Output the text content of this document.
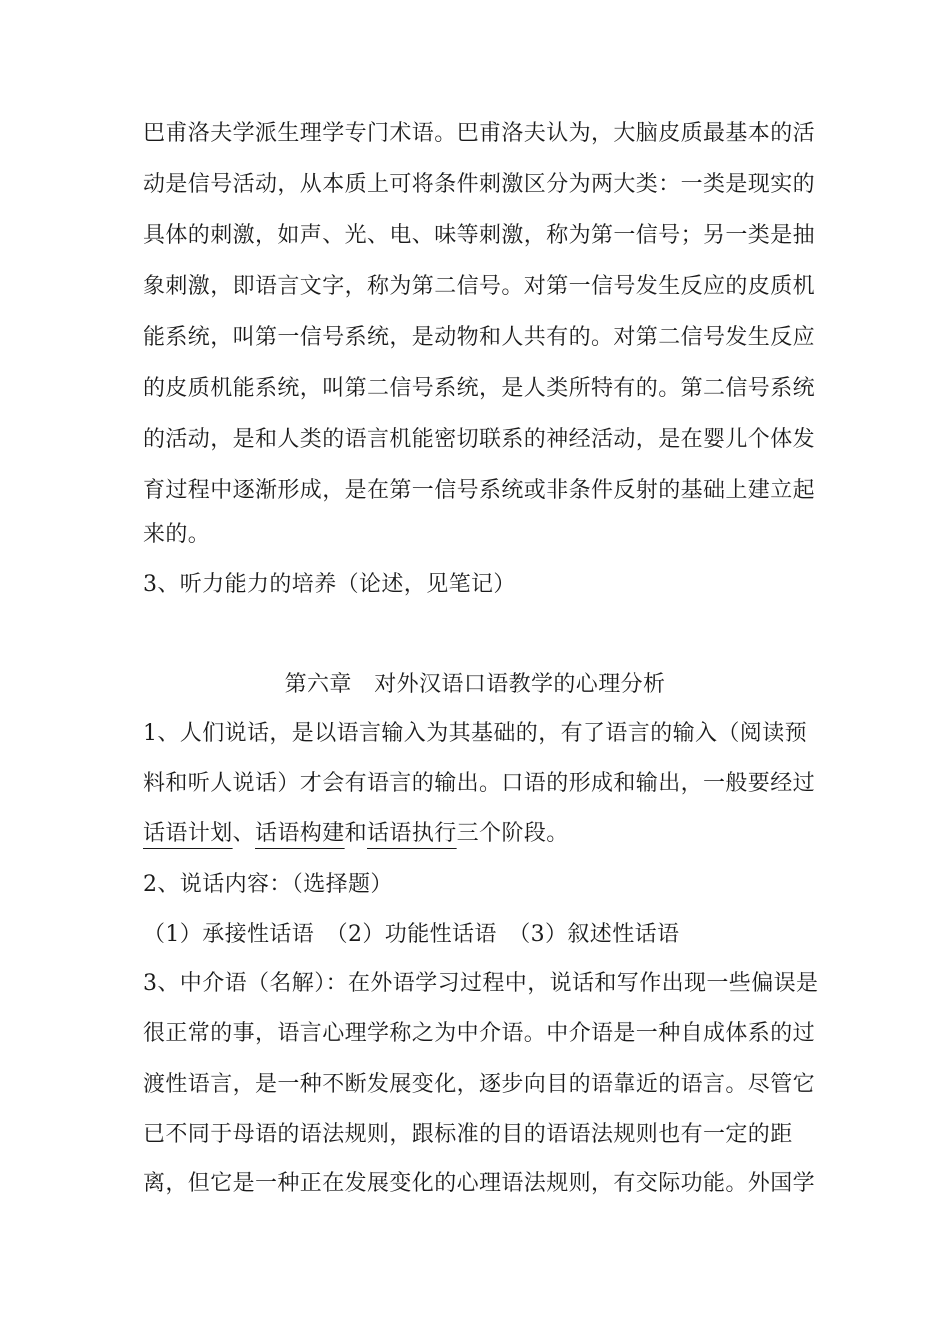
巴甫洛夫学派生理学专门术语。巴甫洛夫认为，大脑皮质最基本的活
动是信号活动，从本质上可将条件刺激区分为两大类：一类是现实的
具体的刺激，如声、光、电、味等刺激，称为第一信号；另一类是抽
象刺激，即语言文字，称为第二信号。对第一信号发生反应的皮质机
能系统，叫第一信号系统，是动物和人共有的。对第二信号发生反应
的皮质机能系统，叫第二信号系统，是人类所特有的。第二信号系统
的活动，是和人类的语言机能密切联系的神经活动，是在婴儿个体发
育过程中逐渐形成，是在第一信号系统或非条件反射的基础上建立起
来的。
3、听力能力的培养（论述，见笔记）
第六章　对外汉语口语教学的心理分析
1、人们说话，是以语言输入为其基础的，有了语言的输入（阅读预
料和听人说话）才会有语言的输出。口语的形成和输出，一般要经过
话语计划、话语构建和话语执行三个阶段。
2、说话内容：（选择题）
（1）承接性话语　（2）功能性话语　（3）叙述性话语
3、中介语（名解）：在外语学习过程中，说话和写作出现一些偏误是
很正常的事，语言心理学称之为中介语。中介语是一种自成体系的过
渡性语言，是一种不断发展变化，逐步向目的语靠近的语言。尽管它
已不同于母语的语法规则，跟标准的目的语语法规则也有一定的距
离，但它是一种正在发展变化的心理语法规则，有交际功能。外国学
